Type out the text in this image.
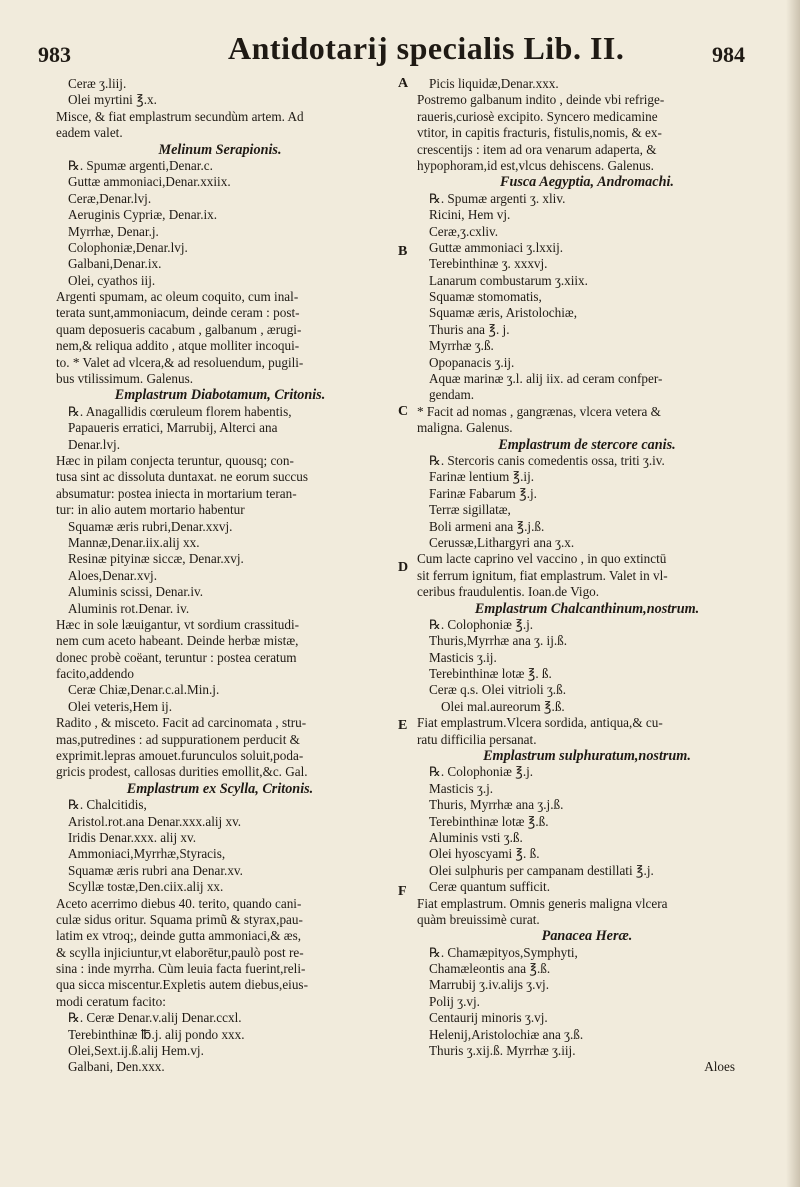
983	Antidotarij specialis Lib. II.	984
A
B
C
D
E
F
Ceræ ʒ.liij.
Olei myrtini ℥.x.
Misce, & fiat emplastrum secundùm artem. Ad
eadem valet.
Melinum Serapionis.
℞. Spumæ argenti,Denar.c.
Guttæ ammoniaci,Denar.xxiix.
Ceræ,Denar.lvj.
Aeruginis Cypriæ, Denar.ix.
Myrrhæ, Denar.j.
Colophoniæ,Denar.lvj.
Galbani,Denar.ix.
Olei, cyathos iij.
Argenti spumam, ac oleum coquito, cum inal-
terata sunt,ammoniacum, deinde ceram : post-
quam deposueris cacabum , galbanum , ærugi-
nem,& reliqua addito , atque molliter incoqui-
to. * Valet ad vlcera,& ad resoluendum, pugili-
bus vtilissimum. Galenus.
Emplastrum Diabotamum, Critonis.
℞. Anagallidis cœruleum florem habentis,
Papaueris erratici, Marrubij, Alterci ana
Denar.lvj.
Hæc in pilam conjecta teruntur, quousq; con-
tusa sint ac dissoluta duntaxat. ne eorum succus
absumatur: postea iniecta in mortarium teran-
tur: in alio autem mortario habentur
Squamæ æris rubri,Denar.xxvj.
Mannæ,Denar.iix.alij xx.
Resinæ pityinæ siccæ, Denar.xvj.
Aloes,Denar.xvj.
Aluminis scissi, Denar.iv.
Aluminis rot.Denar. iv.
Hæc in sole læuigantur, vt sordium crassitudi-
nem cum aceto habeant. Deinde herbæ mistæ,
donec probè coëant, teruntur : postea ceratum
facito,addendo
Ceræ Chiæ,Denar.c.al.Min.j.
Olei veteris,Hem ij.
Radito , & misceto. Facit ad carcinomata , stru-
mas,putredines : ad suppurationem perducit &
exprimit.lepras amouet.furunculos soluit,poda-
gricis prodest, callosas durities emollit,&c. Gal.
Emplastrum ex Scylla, Critonis.
℞. Chalcitidis,
Aristol.rot.ana Denar.xxx.alij xv.
Iridis Denar.xxx. alij xv.
Ammoniaci,Myrrhæ,Styracis,
Squamæ æris rubri ana Denar.xv.
Scyllæ tostæ,Den.ciix.alij xx.
Aceto acerrimo diebus 40. terito, quando cani-
culæ sidus oritur. Squama primũ & styrax,pau-
latim ex vtroq;, deinde gutta ammoniaci,& æs,
& scylla injiciuntur,vt elaborētur,paulò post re-
sina : inde myrrha. Cùm leuia facta fuerint,reli-
qua sicca miscentur.Expletis autem diebus,eius-
modi ceratum facito:
℞. Ceræ Denar.v.alij Denar.ccxl.
Terebinthinæ ℔.j. alij pondo xxx.
Olei,Sext.ij.ß.alij Hem.vj.
Galbani, Den.xxx.
Picis liquidæ,Denar.xxx.
Postremo galbanum indito , deinde vbi refrige-
raueris,curiosè excipito. Syncero medicamine
vtitor, in capitis fracturis, fistulis,nomis, & ex-
crescentijs : item ad ora venarum adaperta, &
hypophoram,id est,vlcus dehiscens. Galenus.
Fusca Aegyptia, Andromachi.
℞. Spumæ argenti ʒ. xliv.
Ricini, Hem vj.
Ceræ,ʒ.cxliv.
Guttæ ammoniaci ʒ.lxxij.
Terebinthinæ ʒ. xxxvj.
Lanarum combustarum ʒ.xiix.
Squamæ stomomatis,
Squamæ æris, Aristolochiæ,
Thuris ana ℥. j.
Myrrhæ ʒ.ß.
Opopanacis ʒ.ij.
Aquæ marinæ ʒ.l. alij iix. ad ceram confper-
gendam.
* Facit ad nomas , gangrænas, vlcera vetera &
maligna. Galenus.
Emplastrum de stercore canis.
℞. Stercoris canis comedentis ossa, triti ʒ.iv.
Farinæ lentium ℥.ij.
Farinæ Fabarum ℥.j.
Terræ sigillatæ,
Boli armeni ana ℥.j.ß.
Cerussæ,Lithargyri ana ʒ.x.
Cum lacte caprino vel vaccino , in quo extinctū
sit ferrum ignitum, fiat emplastrum. Valet in vl-
ceribus fraudulentis. Ioan.de Vigo.
Emplastrum Chalcanthinum,nostrum.
℞. Colophoniæ ℥.j.
Thuris,Myrrhæ ana ʒ. ij.ß.
Masticis ʒ.ij.
Terebinthinæ lotæ ℥. ß.
Ceræ q.s. Olei vitrioli ʒ.ß.
Olei mal.aureorum ℥.ß.
Fiat emplastrum.Vlcera sordida, antiqua,& cu-
ratu difficilia persanat.
Emplastrum sulphuratum,nostrum.
℞. Colophoniæ ℥.j.
Masticis ʒ.j.
Thuris, Myrrhæ ana ʒ.j.ß.
Terebinthinæ lotæ ℥.ß.
Aluminis vsti ʒ.ß.
Olei hyoscyami ℥. ß.
Olei sulphuris per campanam destillati ℥.j.
Ceræ quantum sufficit.
Fiat emplastrum. Omnis generis maligna vlcera
quàm breuissimè curat.
Panacea Heræ.
℞. Chamæpityos,Symphyti,
Chamæleontis ana ℥.ß.
Marrubij ʒ.iv.alijs ʒ.vj.
Polij ʒ.vj.
Centaurij minoris ʒ.vj.
Helenij,Aristolochiæ ana ʒ.ß.
Thuris ʒ.xij.ß. Myrrhæ ʒ.iij.
Aloes
